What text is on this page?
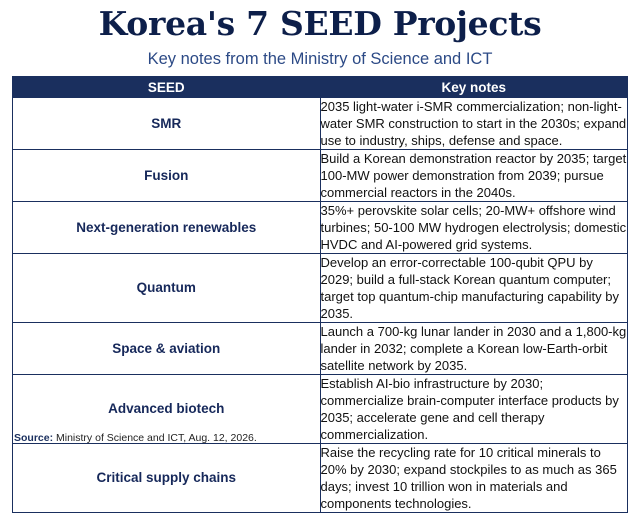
Korea's 7 SEED Projects
Key notes from the Ministry of Science and ICT
SEED	Key notes
SMR	2035 light-water i-SMR commercialization; non-light-water SMR construction to start in the 2030s; expand use to industry, ships, defense and space.
Fusion	Build a Korean demonstration reactor by 2035; target 100-MW power demonstration from 2039; pursue commercial reactors in the 2040s.
Next-generation renewables	35%+ perovskite solar cells; 20-MW+ offshore wind turbines; 50-100 MW hydrogen electrolysis; domestic HVDC and AI-powered grid systems.
Quantum	Develop an error-correctable 100-qubit QPU by 2029; build a full-stack Korean quantum computer; target top quantum-chip manufacturing capability by 2035.
Space & aviation	Launch a 700-kg lunar lander in 2030 and a 1,800-kg lander in 2032; complete a Korean low-Earth-orbit satellite network by 2035.
Advanced biotech	Establish AI-bio infrastructure by 2030; commercialize brain-computer interface products by 2035; accelerate gene and cell therapy commercialization.
Critical supply chains	Raise the recycling rate for 10 critical minerals to 20% by 2030; expand stockpiles to as much as 365 days; invest 10 trillion won in materials and components technologies.
Source: Ministry of Science and ICT, Aug. 12, 2026.
